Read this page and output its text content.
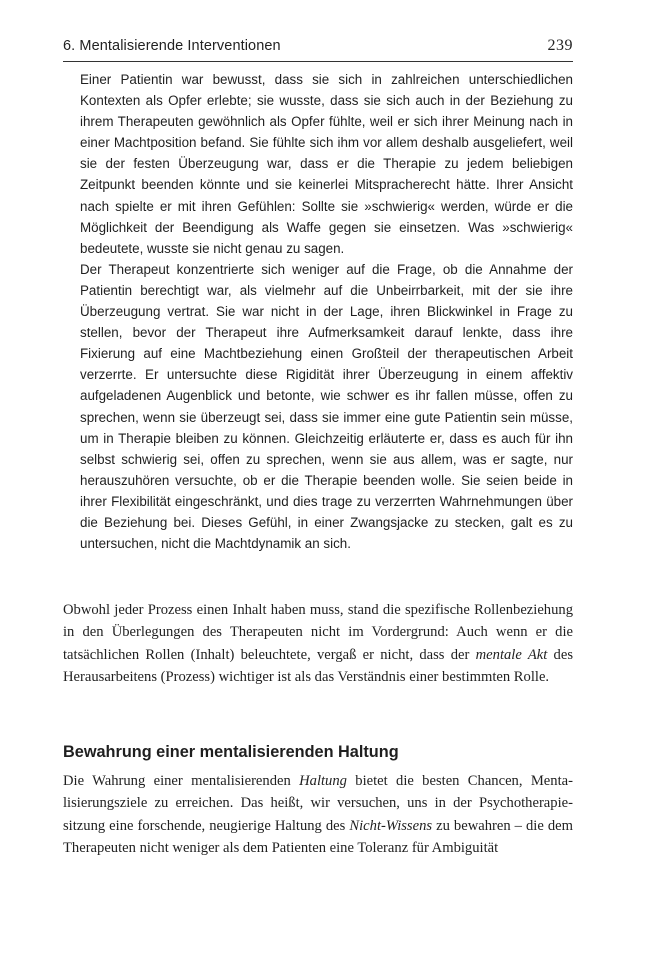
6. Mentalisierende Interventionen	239

Einer Patientin war bewusst, dass sie sich in zahlreichen unterschiedlichen Kontexten als Opfer erlebte; sie wusste, dass sie sich auch in der Beziehung zu ihrem Therapeuten gewöhnlich als Opfer fühlte, weil er sich ihrer Meinung nach in einer Machtposition befand. Sie fühlte sich ihm vor allem deshalb ausgeliefert, weil sie der festen Überzeugung war, dass er die Therapie zu jedem beliebigen Zeitpunkt beenden könnte und sie keinerlei Mitspracherecht hätte. Ihrer Ansicht nach spielte er mit ihren Gefühlen: Sollte sie »schwierig« werden, würde er die Möglichkeit der Beendigung als Waffe gegen sie einsetzen. Was »schwierig« bedeutete, wusste sie nicht genau zu sagen.

Der Therapeut konzentrierte sich weniger auf die Frage, ob die Annahme der Patientin berechtigt war, als vielmehr auf die Unbeirrbarkeit, mit der sie ihre Überzeugung vertrat. Sie war nicht in der Lage, ihren Blickwinkel in Frage zu stellen, bevor der Therapeut ihre Aufmerksamkeit darauf lenkte, dass ihre Fixierung auf eine Machtbeziehung einen Großteil der therapeutischen Arbeit verzerrte. Er untersuchte diese Rigidität ihrer Überzeugung in einem affektiv aufgeladenen Augenblick und betonte, wie schwer es ihr fallen müsse, offen zu sprechen, wenn sie überzeugt sei, dass sie immer eine gute Patientin sein müsse, um in Therapie bleiben zu können. Gleichzeitig erläuterte er, dass es auch für ihn selbst schwierig sei, offen zu sprechen, wenn sie aus allem, was er sagte, nur herauszuhören versuchte, ob er die Therapie beenden wolle. Sie seien beide in ihrer Flexibilität eingeschränkt, und dies trage zu verzerrten Wahrnehmungen über die Beziehung bei. Dieses Gefühl, in einer Zwangsjacke zu stecken, galt es zu untersuchen, nicht die Machtdynamik an sich.

Obwohl jeder Prozess einen Inhalt haben muss, stand die spezifische Rollenbeziehung in den Überlegungen des Therapeuten nicht im Vordergrund: Auch wenn er die tatsächlichen Rollen (Inhalt) beleuchtete, vergaß er nicht, dass der mentale Akt des Herausarbeitens (Prozess) wichtiger ist als das Verständnis einer bestimmten Rolle.

Bewahrung einer mentalisierenden Haltung

Die Wahrung einer mentalisierenden Haltung bietet die besten Chancen, Mentalisierungsziele zu erreichen. Das heißt, wir versuchen, uns in der Psychotherapiesitzung eine forschende, neugierige Haltung des Nicht-Wissens zu bewahren – die dem Therapeuten nicht weniger als dem Patienten eine Toleranz für Ambiguität
